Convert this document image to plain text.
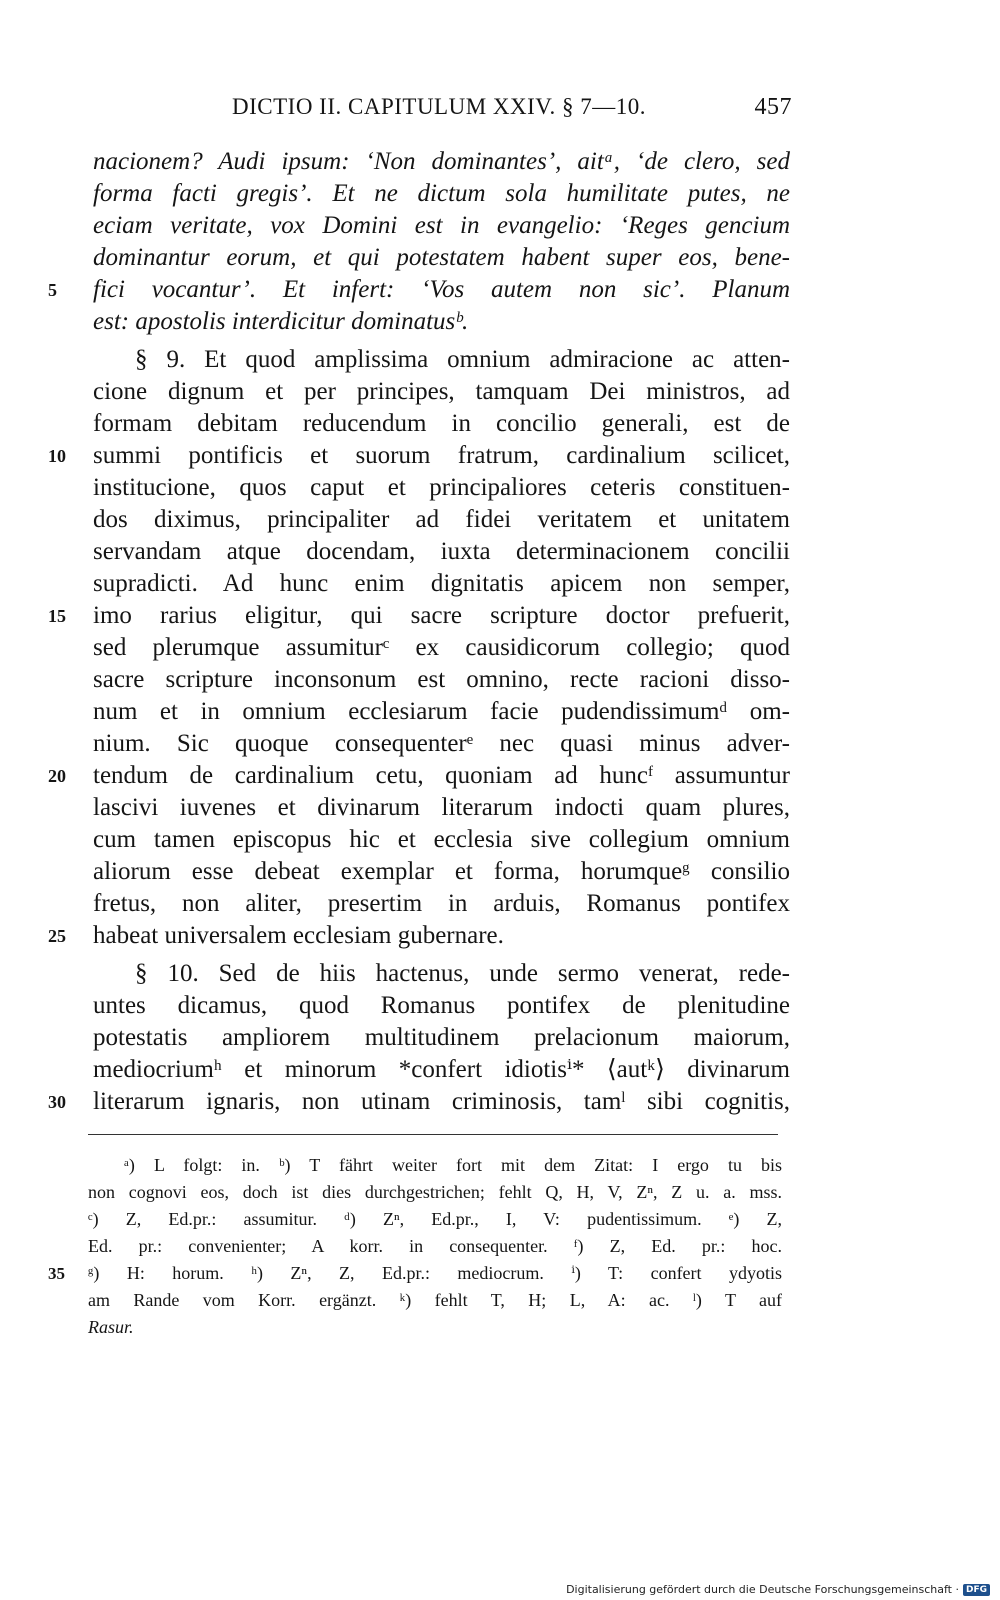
DICTIO II. CAPITULUM XXIV. § 7—10.	457
5
10
15
20
25
30
nacionem? Audi ipsum: ‘Non dominantes’, aitᵃ, ‘de clero, sed
forma facti gregis’. Et ne dictum sola humilitate putes, ne
eciam veritate, vox Domini est in evangelio: ‘Reges gencium
dominantur eorum, et qui potestatem habent super eos, bene-
fici vocantur’. Et infert: ‘Vos autem non sic’. Planum
est: apostolis interdicitur dominatusᵇ.
§ 9. Et quod amplissima omnium admiracione ac atten-
cione dignum et per principes, tamquam Dei ministros, ad
formam debitam reducendum in concilio generali, est de
summi pontificis et suorum fratrum, cardinalium scilicet,
institucione, quos caput et principaliores ceteris constituen-
dos diximus, principaliter ad fidei veritatem et unitatem
servandam atque docendam, iuxta determinacionem concilii
supradicti. Ad hunc enim dignitatis apicem non semper,
imo rarius eligitur, qui sacre scripture doctor prefuerit,
sed plerumque assumiturᶜ ex causidicorum collegio; quod
sacre scripture inconsonum est omnino, recte racioni disso-
num et in omnium ecclesiarum facie pudendissimumᵈ om-
nium. Sic quoque consequenterᵉ nec quasi minus adver-
tendum de cardinalium cetu, quoniam ad huncᶠ assumuntur
lascivi iuvenes et divinarum literarum indocti quam plures,
cum tamen episcopus hic et ecclesia sive collegium omnium
aliorum esse debeat exemplar et forma, horumqueᵍ consilio
fretus, non aliter, presertim in arduis, Romanus pontifex
habeat universalem ecclesiam gubernare.
§ 10. Sed de hiis hactenus, unde sermo venerat, rede-
untes dicamus, quod Romanus pontifex de plenitudine
potestatis ampliorem multitudinem prelacionum maiorum,
mediocriumʰ et minorum *confert idiotisⁱ* ⟨autᵏ⟩ divinarum
literarum ignaris, non utinam criminosis, tamˡ sibi cognitis,
35
ᵃ) L folgt: in. ᵇ) T fährt weiter fort mit dem Zitat: I ergo tu bis
non cognovi eos, doch ist dies durchgestrichen; fehlt Q, H, V, Zⁿ, Z u. a. mss.
ᶜ) Z, Ed.pr.: assumitur. ᵈ) Zⁿ, Ed.pr., I, V: pudentissimum. ᵉ) Z,
Ed. pr.: convenienter; A korr. in consequenter. ᶠ) Z, Ed. pr.: hoc.
ᵍ) H: horum. ʰ) Zⁿ, Z, Ed.pr.: mediocrum. ⁱ) T: confert ydyotis
am Rande vom Korr. ergänzt. ᵏ) fehlt T, H; L, A: ac. ˡ) T auf
Rasur.
Digitalisierung gefördert durch die Deutsche Forschungsgemeinschaft · DFG
